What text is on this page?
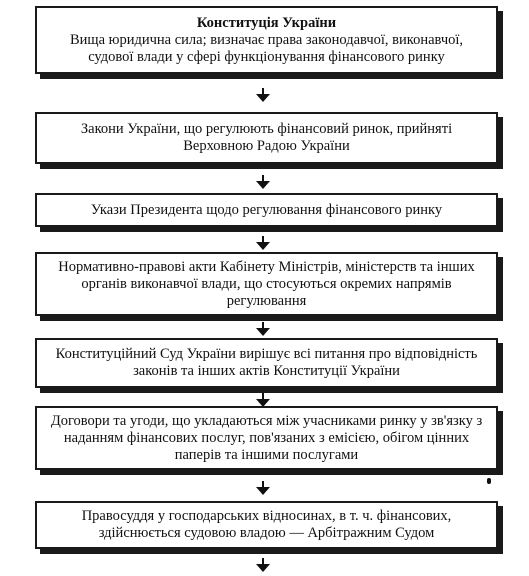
Конституція України
Вища юридична сила; визначає права законодавчої, виконавчої, судової влади у сфері функціонування фінансового ринку
Закони України, що регулюють фінансовий ринок, прийняті Верховною Радою України
Укази Президента щодо регулювання фінансового ринку
Нормативно-правові акти Кабінету Міністрів, міністерств та інших органів виконавчої влади, що стосуються окремих напрямів регулювання
Конституційний Суд України вирішує всі питання про відповідність законів та інших актів Конституції України
Договори та угоди, що укладаються між учасниками ринку у зв'язку з наданням фінансових послуг, пов'язаних з емісією, обігом цінних паперів та іншими послугами
Правосуддя у господарських відносинах, в т. ч. фінансових, здійснюється судовою владою — Арбітражним Судом
